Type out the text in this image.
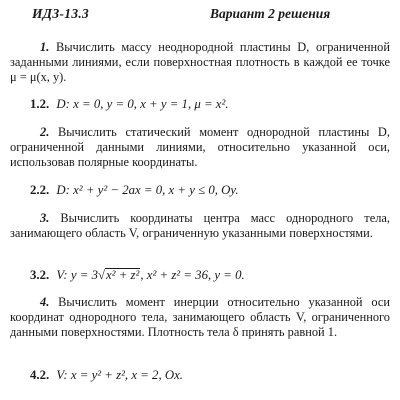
ИДЗ-13.3	Вариант 2 решения
1. Вычислить массу неоднородной пластины D, ограниченной заданными линиями, если поверхностная плотность в каждой ее точке μ = μ(x, y).
1.2. D: x = 0, y = 0, x + y = 1, μ = x².
2. Вычислить статический момент однородной пластины D, ограниченной данными линиями, относительно указанной оси, использовав полярные координаты.
2.2. D: x² + y² − 2ax = 0, x + y ≤ 0, Oy.
3. Вычислить координаты центра масс однородного тела, занимающего область V, ограниченную указанными поверхностями.
3.2. V: y = 3√x² + z², x² + z² = 36, y = 0.
4. Вычислить момент инерции относительно указанной оси координат однородного тела, занимающего область V, ограниченного данными поверхностями. Плотность тела δ принять равной 1.
4.2. V: x = y² + z², x = 2, Ox.
